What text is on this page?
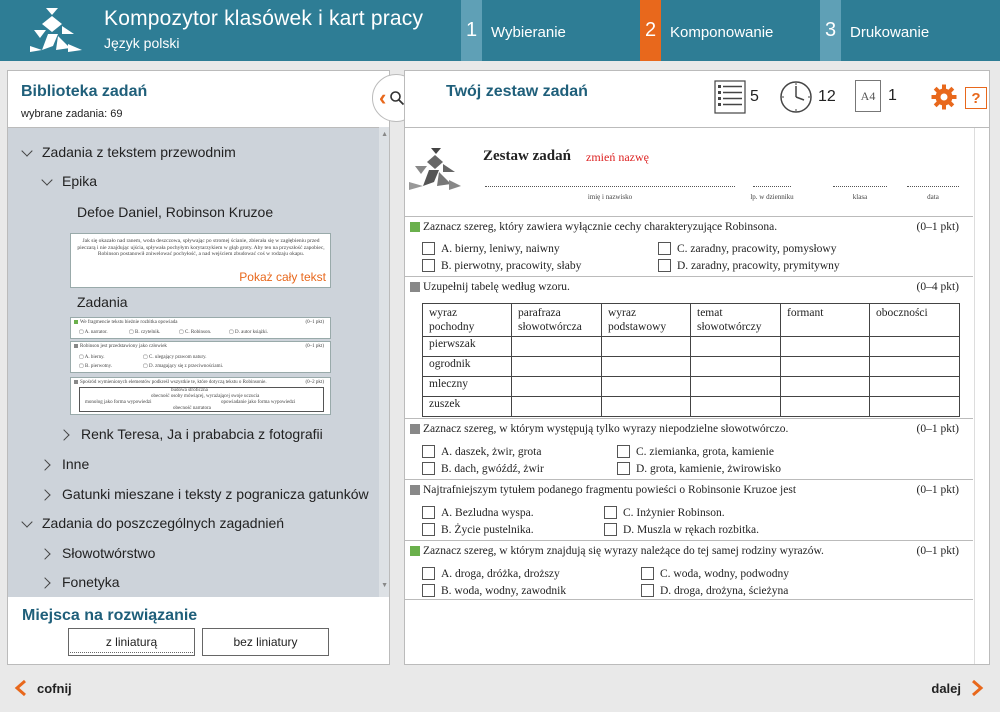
Kompozytor klasówek i kart pracy
Język polski
1 Wybieranie	2 Komponowanie	3 Drukowanie
Biblioteka zadań
wybrane zadania: 69
Zadania z tekstem przewodnim
Epika
Defoe Daniel, Robinson Kruzoe
Jak się okazało nad ranem, woda deszczowa, spływając po stromej ścianie, zbierała się w zagłębieniu przed pieczarą i nie znajdując ujścia, spływała pochyłym korytarzykiem w głąb groty. Aby ten na przyszłość zapobiec, Robinson postanowił zniwelować pochyłość, a nad wejściem zbudować coś w rodzaju okapu.
Pokaż cały tekst
Zadania
We fragmencie tekstu bieżnie rozbitka opowiada	(0–1 pkt)
▢ A. narrator.	▢ B. czytelnik.	▢ C. Robinson.	▢ D. autor książki.
Robinson jest przedstawiony jako człowiek	(0–1 pkt)
▢ A. bierny.	▢ C. ulegający prawom natury.
▢ B. pierwotny.	▢ D. zmagający się z przeciwnościami.
Spośród wymienionych elementów podkreśl wszystkie te, które dotyczą tekstu o Robinsonie.	(0–2 pkt)
budowa stroficzna
obecność osoby mówiącej, wyrażającej swoje uczucia
monolog jako forma wypowiedzi	opowiadanie jako forma wypowiedzi
obecność narratora
Renk Teresa, Ja i prababcia z fotografii
Inne
Gatunki mieszane i teksty z pogranicza gatunków
Zadania do poszczególnych zagadnień
Słowotwórstwo
Fonetyka
▲
▼
Miejsca na rozwiązanie
z liniaturą	bez liniatury
‹	Twój zestaw zadań	5	12	A4 1	?
Zestaw zadań zmień nazwę
imię i nazwisko	lp. w dzienniku	klasa	data
Zaznacz szereg, który zawiera wyłącznie cechy charakteryzujące Robinsona.	(0–1 pkt)
A. bierny, leniwy, naiwny	C. zaradny, pracowity, pomysłowy
B. pierwotny, pracowity, słaby	D. zaradny, pracowity, prymitywny
Uzupełnij tabelę według wzoru.	(0–4 pkt)
wyraz pochodny	parafraza słowotwórcza	wyraz podstawowy	temat słowotwórczy	formant	oboczności
pierwszak					
ogrodnik					
mleczny					
zuszek					
Zaznacz szereg, w którym występują tylko wyrazy niepodzielne słowotwórczo.	(0–1 pkt)
A. daszek, żwir, grota	C. ziemianka, grota, kamienie
B. dach, gwóźdź, żwir	D. grota, kamienie, żwirowisko
Najtrafniejszym tytułem podanego fragmentu powieści o Robinsonie Kruzoe jest	(0–1 pkt)
A. Bezludna wyspa.	C. Inżynier Robinson.
B. Życie pustelnika.	D. Muszla w rękach rozbitka.
Zaznacz szereg, w którym znajdują się wyrazy należące do tej samej rodziny wyrazów.	(0–1 pkt)
A. droga, dróżka, droższy	C. woda, wodny, podwodny
B. woda, wodny, zawodnik	D. droga, drożyna, ścieżyna
cofnij	dalej
